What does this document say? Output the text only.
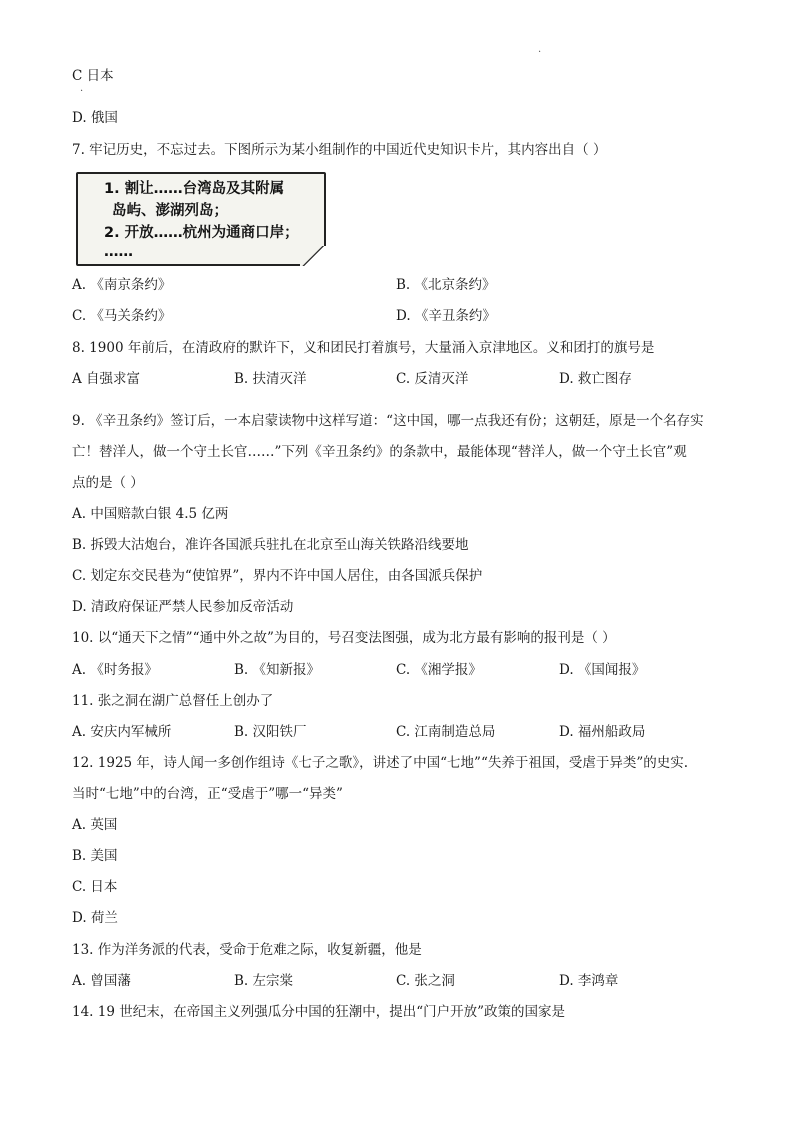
.
C 日本
·
D. 俄国
7. 牢记历史，不忘过去。下图所示为某小组制作的中国近代史知识卡片，其内容出自（ ）
1. 割让……台湾岛及其附属
岛屿、澎湖列岛；
2. 开放……杭州为通商口岸；
……
A. 《南京条约》	B. 《北京条约》
C. 《马关条约》	D. 《辛丑条约》
8. 1900 年前后，在清政府的默许下，义和团民打着旗号，大量涌入京津地区。义和团打的旗号是
A 自强求富	B. 扶清灭洋	C. 反清灭洋	D. 救亡图存
9. 《辛丑条约》签订后，一本启蒙读物中这样写道：“这中国，哪一点我还有份；这朝廷，原是一个名存实
亡！替洋人，做一个守土长官……”下列《辛丑条约》的条款中，最能体现“替洋人，做一个守土长官”观
点的是（ ）
A. 中国赔款白银 4.5 亿两
B. 拆毁大沽炮台，准许各国派兵驻扎在北京至山海关铁路沿线要地
C. 划定东交民巷为“使馆界”，界内不许中国人居住，由各国派兵保护
D. 清政府保证严禁人民参加反帝活动
10. 以“通天下之情”“通中外之故”为目的，号召变法图强，成为北方最有影响的报刊是（ ）
A. 《时务报》	B. 《知新报》	C. 《湘学报》	D. 《国闻报》
11. 张之洞在湖广总督任上创办了
A. 安庆内军械所	B. 汉阳铁厂	C. 江南制造总局	D. 福州船政局
12. 1925 年，诗人闻一多创作组诗《七子之歌》，讲述了中国“七地”“失养于祖国，受虐于异类”的史实.
当时“七地”中的台湾，正“受虐于”哪一“异类”
A. 英国
B. 美国
C. 日本
D. 荷兰
13. 作为洋务派的代表，受命于危难之际，收复新疆，他是
A. 曾国藩	B. 左宗棠	C. 张之洞	D. 李鸿章
14. 19 世纪末，在帝国主义列强瓜分中国的狂潮中，提出“门户开放”政策的国家是
